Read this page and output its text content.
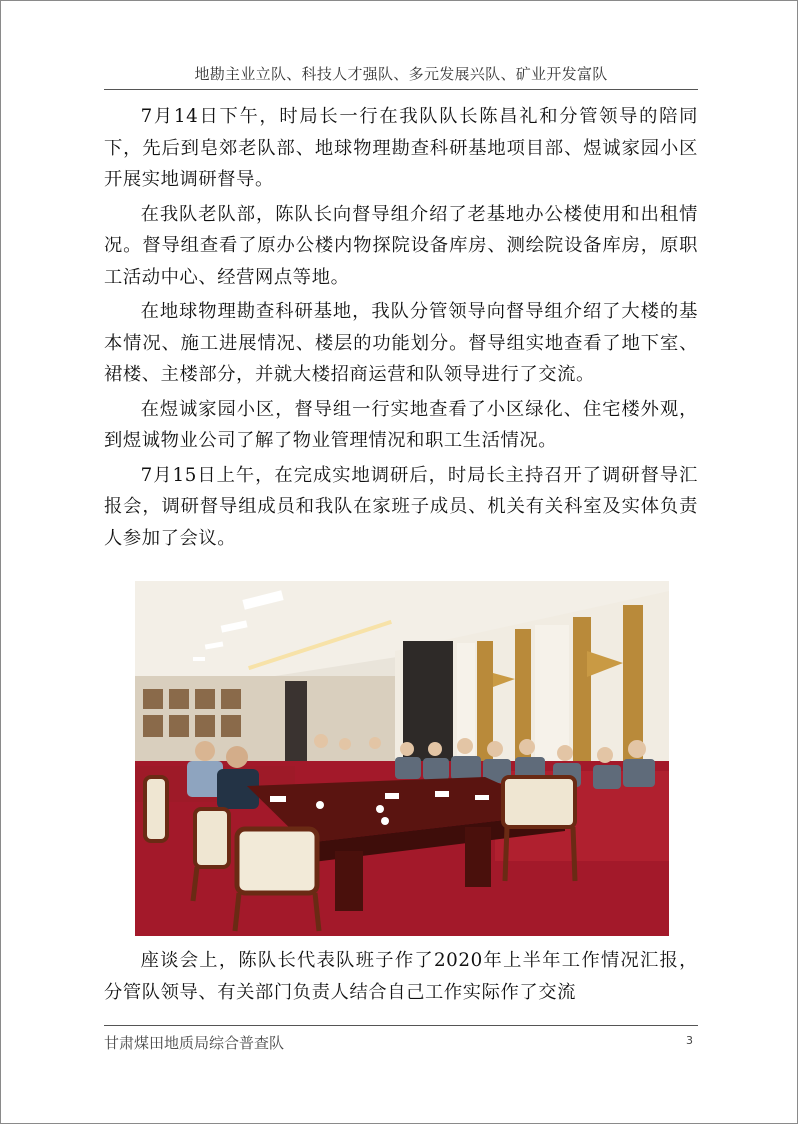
地勘主业立队、科技人才强队、多元发展兴队、矿业开发富队

7月14日下午，时局长一行在我队队长陈昌礼和分管领导的陪同下，先后到皂郊老队部、地球物理勘查科研基地项目部、煜诚家园小区开展实地调研督导。

在我队老队部，陈队长向督导组介绍了老基地办公楼使用和出租情况。督导组查看了原办公楼内物探院设备库房、测绘院设备库房，原职工活动中心、经营网点等地。

在地球物理勘查科研基地，我队分管领导向督导组介绍了大楼的基本情况、施工进展情况、楼层的功能划分。督导组实地查看了地下室、裙楼、主楼部分，并就大楼招商运营和队领导进行了交流。

在煜诚家园小区，督导组一行实地查看了小区绿化、住宅楼外观，到煜诚物业公司了解了物业管理情况和职工生活情况。

7月15日上午，在完成实地调研后，时局长主持召开了调研督导汇报会，调研督导组成员和我队在家班子成员、机关有关科室及实体负责人参加了会议。

座谈会上，陈队长代表队班子作了2020年上半年工作情况汇报，分管队领导、有关部门负责人结合自己工作实际作了交流

甘肃煤田地质局综合普查队	3
